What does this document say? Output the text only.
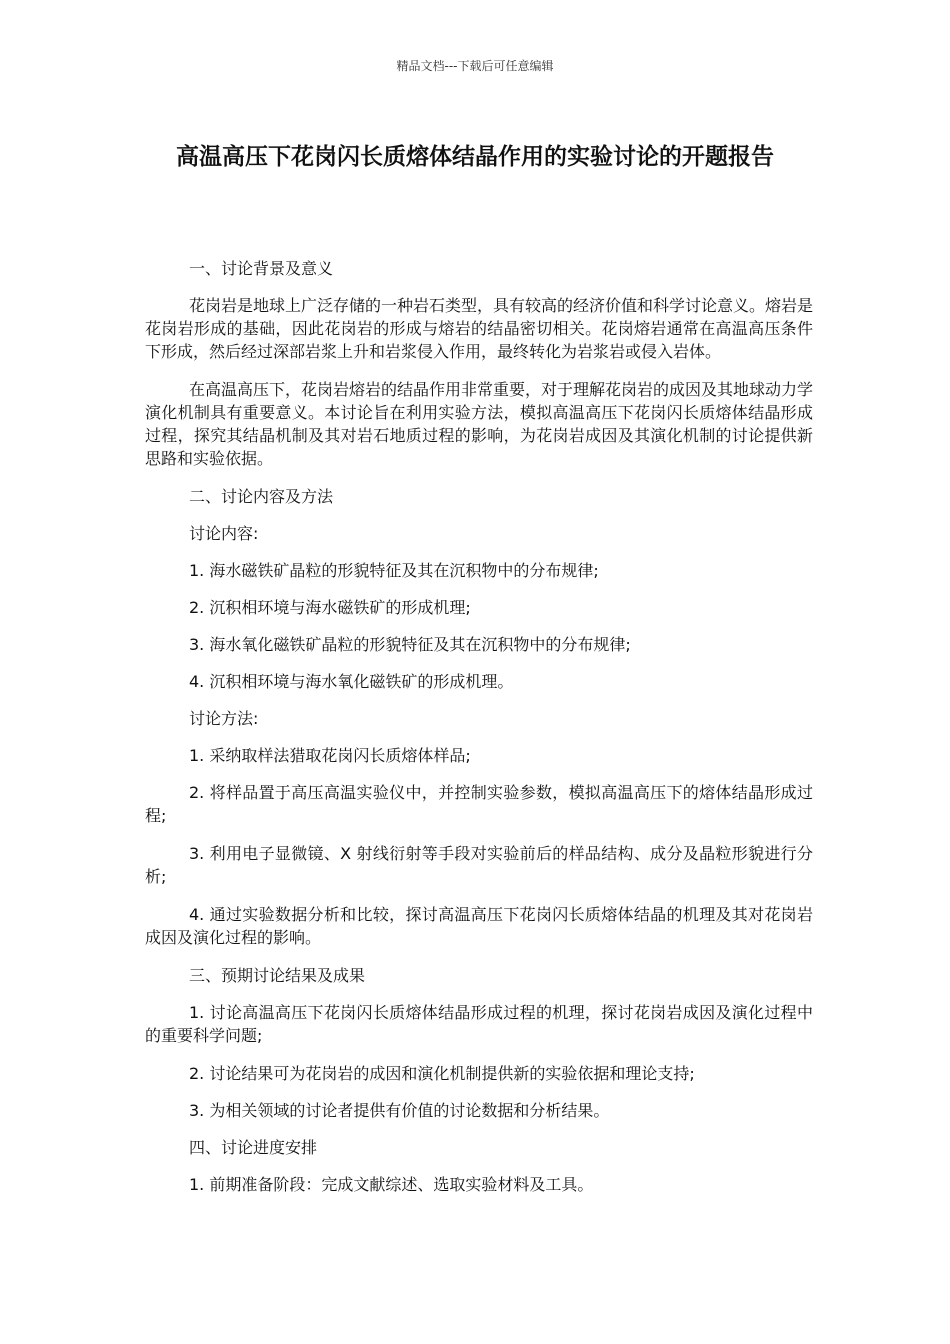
精品文档---下载后可任意编辑
高温高压下花岗闪长质熔体结晶作用的实验讨论的开题报告

一、讨论背景及意义

花岗岩是地球上广泛存储的一种岩石类型，具有较高的经济价值和科学讨论意义。熔岩是花岗岩形成的基础，因此花岗岩的形成与熔岩的结晶密切相关。花岗熔岩通常在高温高压条件下形成，然后经过深部岩浆上升和岩浆侵入作用，最终转化为岩浆岩或侵入岩体。

在高温高压下，花岗岩熔岩的结晶作用非常重要，对于理解花岗岩的成因及其地球动力学演化机制具有重要意义。本讨论旨在利用实验方法，模拟高温高压下花岗闪长质熔体结晶形成过程，探究其结晶机制及其对岩石地质过程的影响，为花岗岩成因及其演化机制的讨论提供新思路和实验依据。

二、讨论内容及方法

讨论内容:

1. 海水磁铁矿晶粒的形貌特征及其在沉积物中的分布规律;

2. 沉积相环境与海水磁铁矿的形成机理;

3. 海水氧化磁铁矿晶粒的形貌特征及其在沉积物中的分布规律;

4. 沉积相环境与海水氧化磁铁矿的形成机理。

讨论方法:

1. 采纳取样法猎取花岗闪长质熔体样品;

2. 将样品置于高压高温实验仪中，并控制实验参数，模拟高温高压下的熔体结晶形成过程;

3. 利用电子显微镜、X 射线衍射等手段对实验前后的样品结构、成分及晶粒形貌进行分析;

4. 通过实验数据分析和比较，探讨高温高压下花岗闪长质熔体结晶的机理及其对花岗岩成因及演化过程的影响。

三、预期讨论结果及成果

1. 讨论高温高压下花岗闪长质熔体结晶形成过程的机理，探讨花岗岩成因及演化过程中的重要科学问题;

2. 讨论结果可为花岗岩的成因和演化机制提供新的实验依据和理论支持;

3. 为相关领域的讨论者提供有价值的讨论数据和分析结果。

四、讨论进度安排

1. 前期准备阶段：完成文献综述、选取实验材料及工具。
